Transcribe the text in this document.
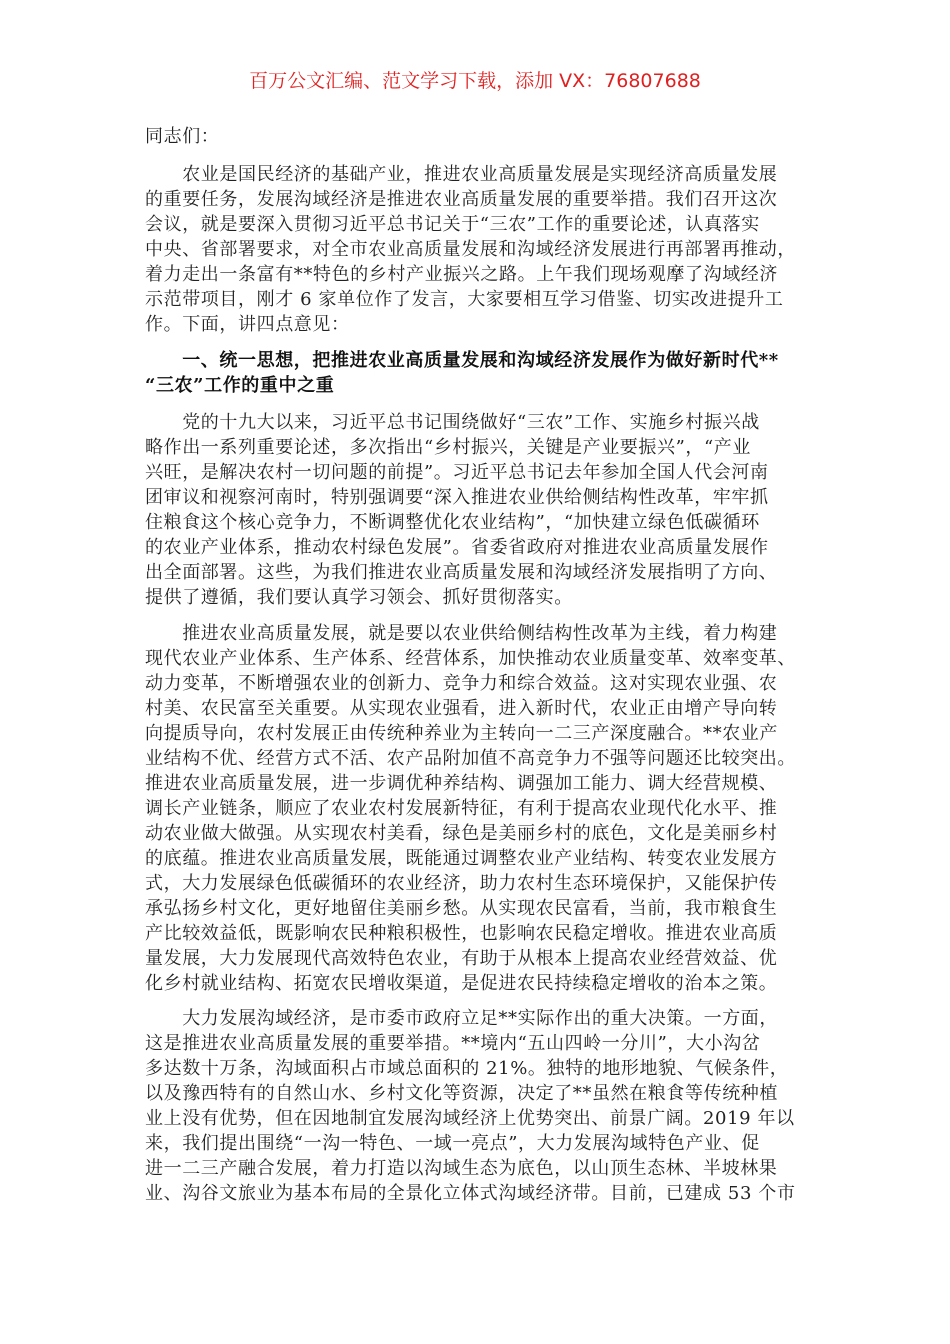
百万公文汇编、范文学习下载，添加 VX：76807688
同志们：
　　农业是国民经济的基础产业，推进农业高质量发展是实现经济高质量发展
的重要任务，发展沟域经济是推进农业高质量发展的重要举措。我们召开这次
会议，就是要深入贯彻习近平总书记关于“三农”工作的重要论述，认真落实
中央、省部署要求，对全市农业高质量发展和沟域经济发展进行再部署再推动，
着力走出一条富有**特色的乡村产业振兴之路。上午我们现场观摩了沟域经济
示范带项目，刚才 6 家单位作了发言，大家要相互学习借鉴、切实改进提升工
作。下面，讲四点意见：
　　一、统一思想，把推进农业高质量发展和沟域经济发展作为做好新时代**
“三农”工作的重中之重
　　党的十九大以来，习近平总书记围绕做好“三农”工作、实施乡村振兴战
略作出一系列重要论述，多次指出“乡村振兴，关键是产业要振兴”，“产业
兴旺，是解决农村一切问题的前提”。习近平总书记去年参加全国人代会河南
团审议和视察河南时，特别强调要“深入推进农业供给侧结构性改革，牢牢抓
住粮食这个核心竞争力，不断调整优化农业结构”，“加快建立绿色低碳循环
的农业产业体系，推动农村绿色发展”。省委省政府对推进农业高质量发展作
出全面部署。这些，为我们推进农业高质量发展和沟域经济发展指明了方向、
提供了遵循，我们要认真学习领会、抓好贯彻落实。
　　推进农业高质量发展，就是要以农业供给侧结构性改革为主线，着力构建
现代农业产业体系、生产体系、经营体系，加快推动农业质量变革、效率变革、
动力变革，不断增强农业的创新力、竞争力和综合效益。这对实现农业强、农
村美、农民富至关重要。从实现农业强看，进入新时代，农业正由增产导向转
向提质导向，农村发展正由传统种养业为主转向一二三产深度融合。**农业产
业结构不优、经营方式不活、农产品附加值不高竞争力不强等问题还比较突出。
推进农业高质量发展，进一步调优种养结构、调强加工能力、调大经营规模、
调长产业链条，顺应了农业农村发展新特征，有利于提高农业现代化水平、推
动农业做大做强。从实现农村美看，绿色是美丽乡村的底色，文化是美丽乡村
的底蕴。推进农业高质量发展，既能通过调整农业产业结构、转变农业发展方
式，大力发展绿色低碳循环的农业经济，助力农村生态环境保护，又能保护传
承弘扬乡村文化，更好地留住美丽乡愁。从实现农民富看，当前，我市粮食生
产比较效益低，既影响农民种粮积极性，也影响农民稳定增收。推进农业高质
量发展，大力发展现代高效特色农业，有助于从根本上提高农业经营效益、优
化乡村就业结构、拓宽农民增收渠道，是促进农民持续稳定增收的治本之策。
　　大力发展沟域经济，是市委市政府立足**实际作出的重大决策。一方面，
这是推进农业高质量发展的重要举措。**境内“五山四岭一分川”，大小沟岔
多达数十万条，沟域面积占市域总面积的 21%。独特的地形地貌、气候条件，
以及豫西特有的自然山水、乡村文化等资源，决定了**虽然在粮食等传统种植
业上没有优势，但在因地制宜发展沟域经济上优势突出、前景广阔。2019 年以
来，我们提出围绕“一沟一特色、一域一亮点”，大力发展沟域特色产业、促
进一二三产融合发展，着力打造以沟域生态为底色，以山顶生态林、半坡林果
业、沟谷文旅业为基本布局的全景化立体式沟域经济带。目前，已建成 53 个市
